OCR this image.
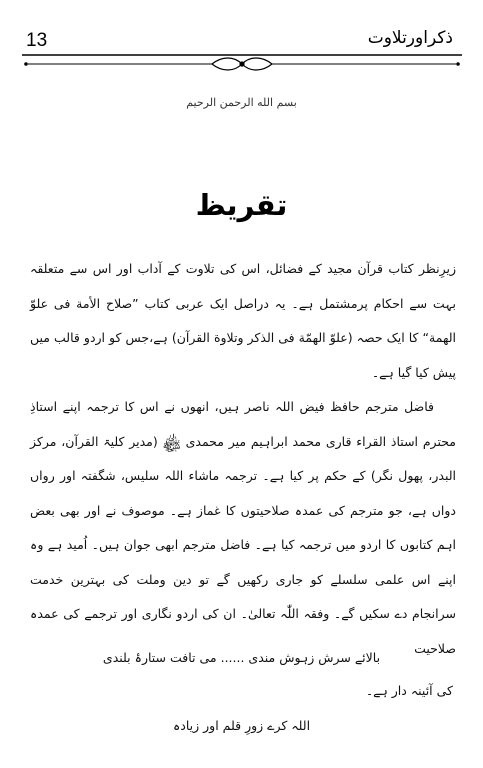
13	ذکراورتلاوت
بسم الله الرحمن الرحيم
تقریظ

زیرِنظر کتاب قرآن مجید کے فضائل، اس کی تلاوت کے آداب اور اس سے متعلقہ بہت سے احکام پرمشتمل ہے۔ یہ دراصل ایک عربی کتاب ”صلاح الأمة فی علوّ الهمة“ کا ایک حصہ (علوّ الهمّة فی الذکر وتلاوة القرآن) ہے،جس کو اردو قالب میں پیش کیا گیا ہے۔

فاضل مترجم حافظ فیض اللہ ناصر ہیں، انھوں نے اس کا ترجمہ اپنے استاذِ محترم استاذ القراء قاری محمد ابراہیم میر محمدی ﷾ (مدیر کلیۃ القرآن، مرکز البدر، پھول نگر) کے حکم پر کیا ہے۔ ترجمہ ماشاء اللہ سلیس، شگفتہ اور رواں دواں ہے، جو مترجم کی عمدہ صلاحیتوں کا غماز ہے۔ موصوف نے اور بھی بعض اہم کتابوں کا اردو میں ترجمہ کیا ہے۔ فاضل مترجم ابھی جوان ہیں۔ اُمید ہے وہ اپنے اس علمی سلسلے کو جاری رکھیں گے تو دین وملت کی بہترین خدمت سرانجام دے سکیں گے۔ وفقہ اللّٰہ تعالیٰ۔ ان کی اردو نگاری اور ترجمے کی عمدہ صلاحیت

بالائے سرش زہوش مندی ...... می تافت ستارۂ بلندی
کی آئینہ دار ہے۔
اللہ کرے زورِ قلم اور زیادہ
